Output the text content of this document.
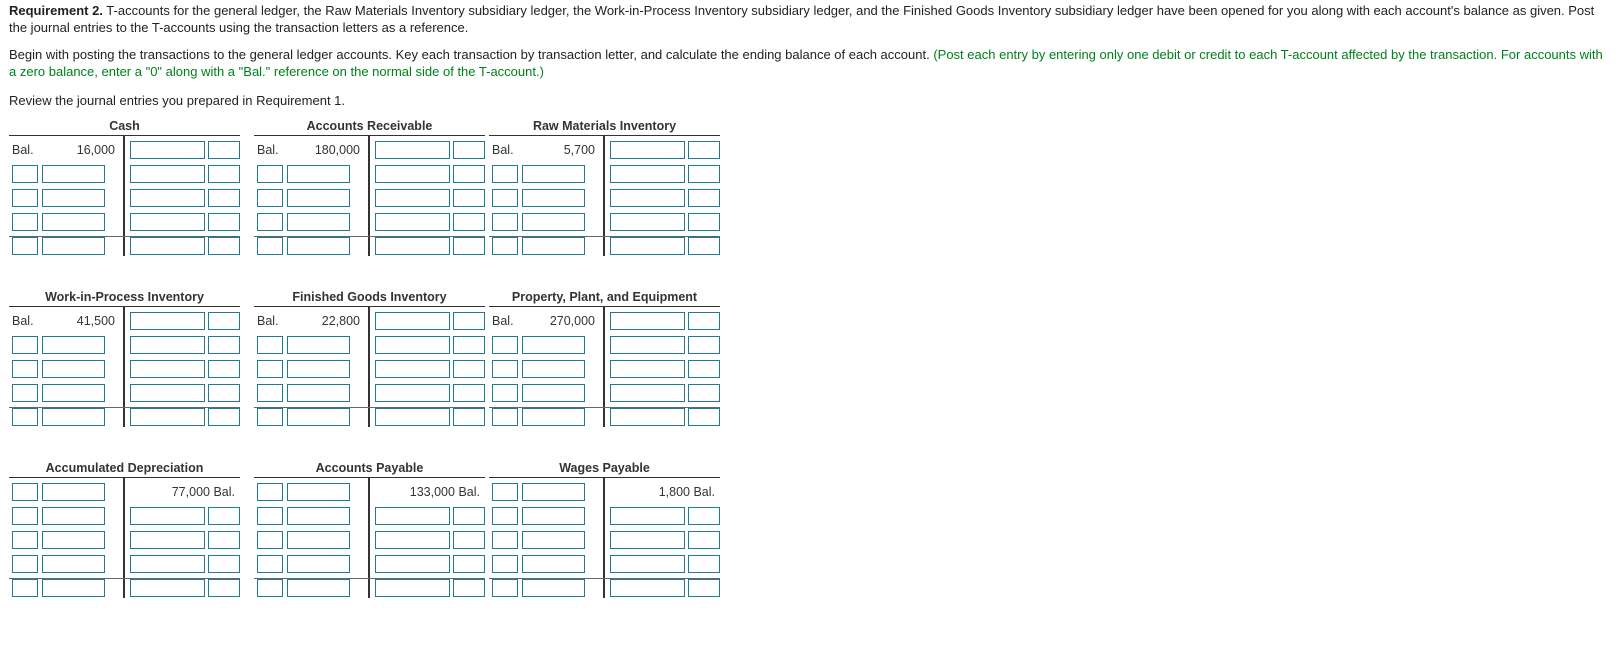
Requirement 2. T-accounts for the general ledger, the Raw Materials Inventory subsidiary ledger, the Work-in-Process Inventory subsidiary ledger, and the Finished Goods Inventory subsidiary ledger have been opened for you along with each account's balance as given. Post the journal entries to the T-accounts using the transaction letters as a reference.

Begin with posting the transactions to the general ledger accounts. Key each transaction by transaction letter, and calculate the ending balance of each account. (Post each entry by entering only one debit or credit to each T-account affected by the transaction. For accounts with a zero balance, enter a "0" along with a "Bal." reference on the normal side of the T-account.)

Review the journal entries you prepared in Requirement 1.

Cash
Bal.	16,000
Accounts Receivable
Bal.	180,000
Raw Materials Inventory
Bal.	5,700
Work-in-Process Inventory
Bal.	41,500
Finished Goods Inventory
Bal.	22,800
Property, Plant, and Equipment
Bal.	270,000
Accumulated Depreciation
77,000 Bal.
Accounts Payable
133,000 Bal.
Wages Payable
1,800 Bal.
